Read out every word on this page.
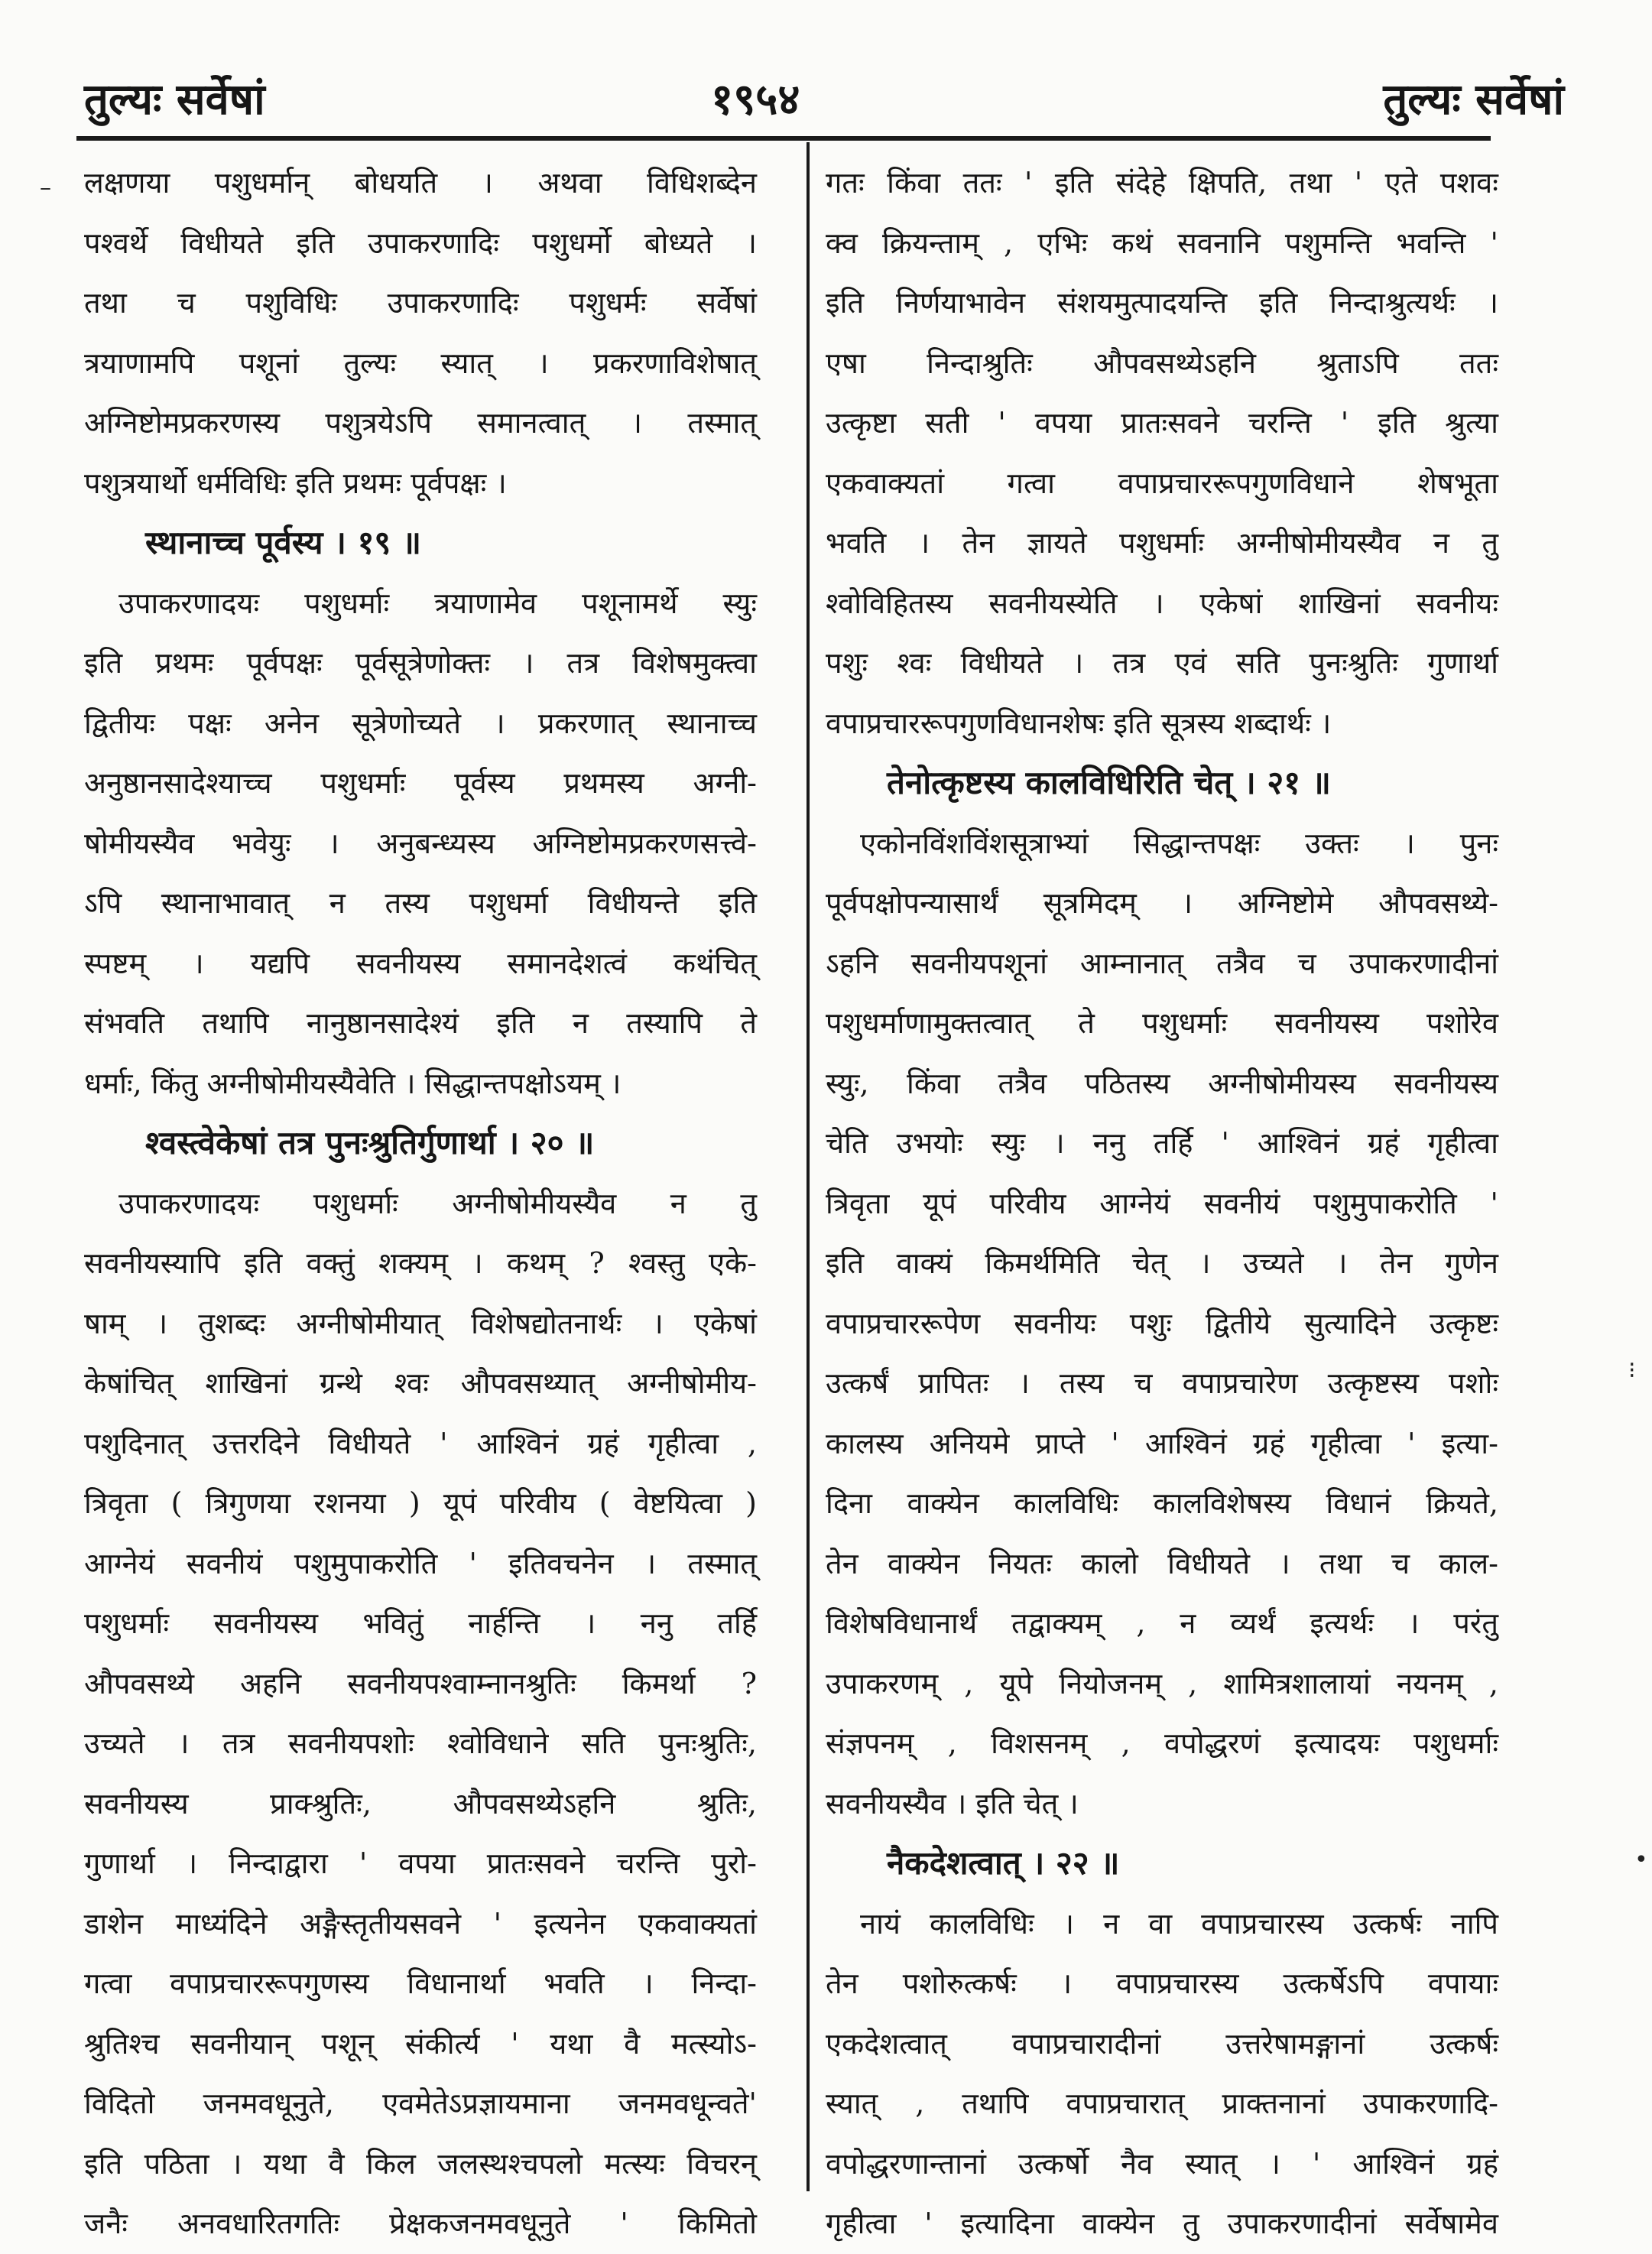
तुल्यः सर्वेषां	१९५४	तुल्यः सर्वेषां
लक्षणया पशुधर्मान् बोधयति । अथवा विधिशब्देन
पश्वर्थे विधीयते इति उपाकरणादिः पशुधर्मो बोध्यते ।
तथा च पशुविधिः उपाकरणादिः पशुधर्मः सर्वेषां
त्रयाणामपि पशूनां तुल्यः स्यात् । प्रकरणाविशेषात्
अग्निष्टोमप्रकरणस्य पशुत्रयेऽपि समानत्वात् । तस्मात्
पशुत्रयार्थो धर्मविधिः इति प्रथमः पूर्वपक्षः ।
स्थानाच्च पूर्वस्य । १९ ॥
उपाकरणादयः पशुधर्माः त्रयाणामेव पशूनामर्थे स्युः
इति प्रथमः पूर्वपक्षः पूर्वसूत्रेणोक्तः । तत्र विशेषमुक्त्वा
द्वितीयः पक्षः अनेन सूत्रेणोच्यते । प्रकरणात् स्थानाच्च
अनुष्ठानसादेश्याच्च पशुधर्माः पूर्वस्य प्रथमस्य अग्नी-
षोमीयस्यैव भवेयुः । अनुबन्ध्यस्य अग्निष्टोमप्रकरणसत्त्वे-
ऽपि स्थानाभावात् न तस्य पशुधर्मा विधीयन्ते इति
स्पष्टम् । यद्यपि सवनीयस्य समानदेशत्वं कथंचित्
संभवति तथापि नानुष्ठानसादेश्यं इति न तस्यापि ते
धर्माः, किंतु अग्नीषोमीयस्यैवेति । सिद्धान्तपक्षोऽयम् ।
श्वस्त्वेकेषां तत्र पुनःश्रुतिर्गुणार्था । २० ॥
उपाकरणादयः पशुधर्माः अग्नीषोमीयस्यैव न तु
सवनीयस्यापि इति वक्तुं शक्यम् । कथम् ? श्वस्तु एके-
षाम् । तुशब्दः अग्नीषोमीयात् विशेषद्योतनार्थः । एकेषां
केषांचित् शाखिनां ग्रन्थे श्वः औपवसथ्यात् अग्नीषोमीय-
पशुदिनात् उत्तरदिने विधीयते ' आश्विनं ग्रहं गृहीत्वा ,
त्रिवृता ( त्रिगुणया रशनया ) यूपं परिवीय ( वेष्टयित्वा )
आग्नेयं सवनीयं पशुमुपाकरोति ' इतिवचनेन । तस्मात्
पशुधर्माः सवनीयस्य भवितुं नार्हन्ति । ननु तर्हि
औपवसथ्ये अहनि सवनीयपश्वाम्नानश्रुतिः किमर्था ?
उच्यते । तत्र सवनीयपशोः श्वोविधाने सति पुनःश्रुतिः,
सवनीयस्य प्राक्श्रुतिः, औपवसथ्येऽहनि श्रुतिः,
गुणार्था । निन्दाद्वारा ' वपया प्रातःसवने चरन्ति पुरो-
डाशेन माध्यंदिने अङ्गैस्तृतीयसवने ' इत्यनेन एकवाक्यतां
गत्वा वपाप्रचाररूपगुणस्य विधानार्था भवति । निन्दा-
श्रुतिश्च सवनीयान् पशून् संकीर्त्य ' यथा वै मत्स्योऽ-
विदितो जनमवधूनुते, एवमेतेऽप्रज्ञायमाना जनमवधून्वते'
इति पठिता । यथा वै किल जलस्थश्चपलो मत्स्यः विचरन्
जनैः अनवधारितगतिः प्रेक्षकजनमवधूनुते ' किमितो
गतः किंवा ततः ' इति संदेहे क्षिपति, तथा ' एते पशवः
क्व क्रियन्ताम् , एभिः कथं सवनानि पशुमन्ति भवन्ति '
इति निर्णयाभावेन संशयमुत्पादयन्ति इति निन्दाश्रुत्यर्थः ।
एषा निन्दाश्रुतिः औपवसथ्येऽहनि श्रुताऽपि ततः
उत्कृष्टा सती ' वपया प्रातःसवने चरन्ति ' इति श्रुत्या
एकवाक्यतां गत्वा वपाप्रचाररूपगुणविधाने शेषभूता
भवति । तेन ज्ञायते पशुधर्माः अग्नीषोमीयस्यैव न तु
श्वोविहितस्य सवनीयस्येति । एकेषां शाखिनां सवनीयः
पशुः श्वः विधीयते । तत्र एवं सति पुनःश्रुतिः गुणार्था
वपाप्रचाररूपगुणविधानशेषः इति सूत्रस्य शब्दार्थः ।
तेनोत्कृष्टस्य कालविधिरिति चेत् । २१ ॥
एकोनविंशविंशसूत्राभ्यां सिद्धान्तपक्षः उक्तः । पुनः
पूर्वपक्षोपन्यासार्थं सूत्रमिदम् । अग्निष्टोमे औपवसथ्ये-
ऽहनि सवनीयपशूनां आम्नानात् तत्रैव च उपाकरणादीनां
पशुधर्माणामुक्तत्वात् ते पशुधर्माः सवनीयस्य पशोरेव
स्युः, किंवा तत्रैव पठितस्य अग्नीषोमीयस्य सवनीयस्य
चेति उभयोः स्युः । ननु तर्हि ' आश्विनं ग्रहं गृहीत्वा
त्रिवृता यूपं परिवीय आग्नेयं सवनीयं पशुमुपाकरोति '
इति वाक्यं किमर्थमिति चेत् । उच्यते । तेन गुणेन
वपाप्रचाररूपेण सवनीयः पशुः द्वितीये सुत्यादिने उत्कृष्टः
उत्कर्षं प्रापितः । तस्य च वपाप्रचारेण उत्कृष्टस्य पशोः
कालस्य अनियमे प्राप्ते ' आश्विनं ग्रहं गृहीत्वा ' इत्या-
दिना वाक्येन कालविधिः कालविशेषस्य विधानं क्रियते,
तेन वाक्येन नियतः कालो विधीयते । तथा च काल-
विशेषविधानार्थं तद्वाक्यम् , न व्यर्थं इत्यर्थः । परंतु
उपाकरणम् , यूपे नियोजनम् , शामित्रशालायां नयनम् ,
संज्ञपनम् , विशसनम् , वपोद्धरणं इत्यादयः पशुधर्माः
सवनीयस्यैव । इति चेत् ।
नैकदेशत्वात् । २२ ॥
नायं कालविधिः । न वा वपाप्रचारस्य उत्कर्षः नापि
तेन पशोरुत्कर्षः । वपाप्रचारस्य उत्कर्षेऽपि वपायाः
एकदेशत्वात् वपाप्रचारादीनां उत्तरेषामङ्गानां उत्कर्षः
स्यात् , तथापि वपाप्रचारात् प्राक्तनानां उपाकरणादि-
वपोद्धरणान्तानां उत्कर्षो नैव स्यात् । ' आश्विनं ग्रहं
गृहीत्वा ' इत्यादिना वाक्येन तु उपाकरणादीनां सर्वेषामेव
–
⁝
•
